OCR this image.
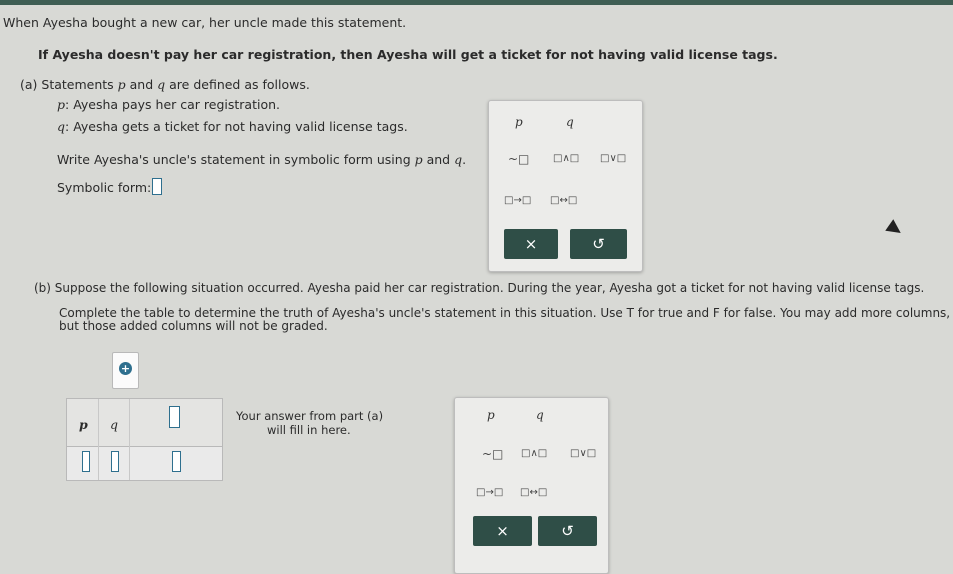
When Ayesha bought a new car, her uncle made this statement.
If Ayesha doesn't pay her car registration, then Ayesha will get a ticket for not having valid license tags.
(a) Statements p and q are defined as follows.
p: Ayesha pays her car registration.
q: Ayesha gets a ticket for not having valid license tags.
Write Ayesha's uncle's statement in symbolic form using p and q.
Symbolic form:
p	q
~□ □∧□ □∨□
□→□ □↔□
×	↺
(b) Suppose the following situation occurred. Ayesha paid her car registration. During the year, Ayesha got a ticket for not having valid license tags.
Complete the table to determine the truth of Ayesha's uncle's statement in this situation. Use T for true and F for false. You may add more columns,
but those added columns will not be graded.
+
p q
Your answer from part (a)
will fill in here.
p	q
~□ □∧□ □∨□
□→□ □↔□
×	↺
